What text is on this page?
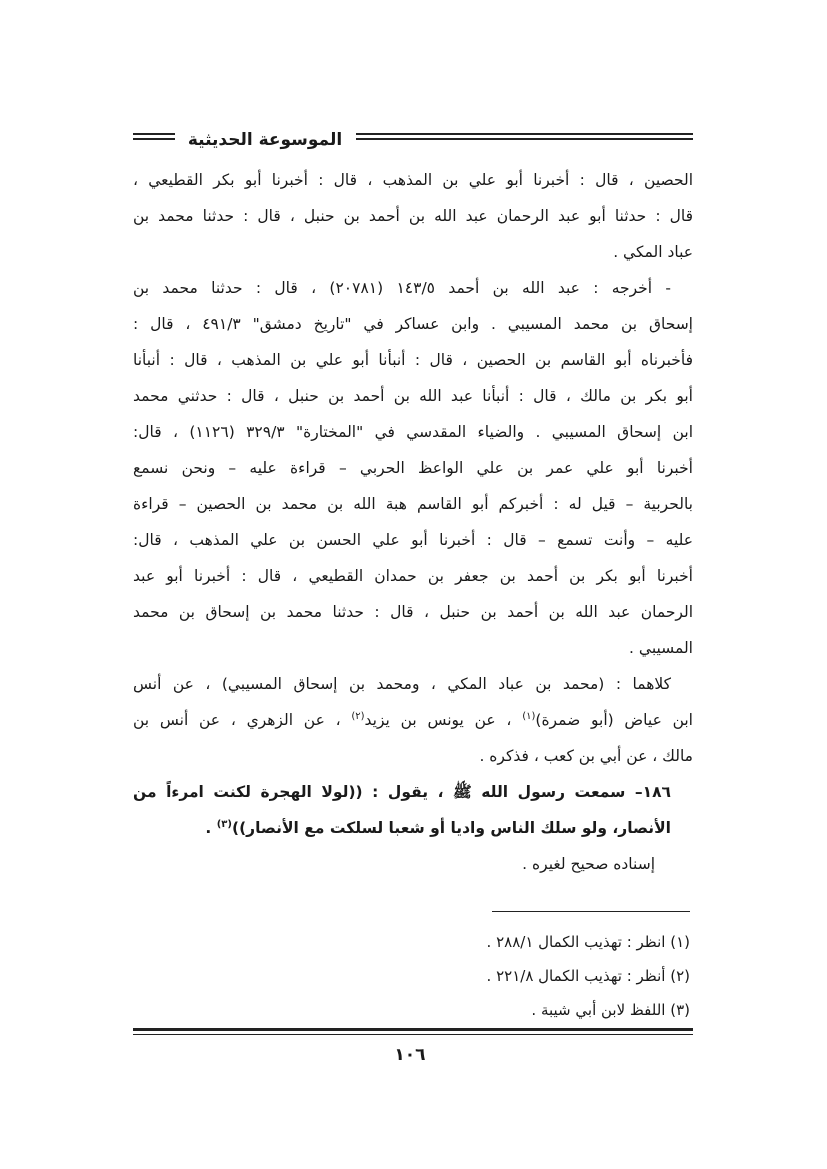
الموسوعة الحديثية
الحصين ، قال : أخبرنا أبو علي بن المذهب ، قال : أخبرنا أبو بكر القطيعي ،
قال : حدثنا أبو عبد الرحمان عبد الله بن أحمد بن حنبل ، قال : حدثنا محمد بن
عباد المكي .
- أخرجه : عبد الله بن أحمد ١٤٣/٥ (٢٠٧٨١) ، قال : حدثنا محمد بن
إسحاق بن محمد المسيبي . وابن عساكر في "تاريخ دمشق" ٤٩١/٣ ، قال :
فأخبرناه أبو القاسم بن الحصين ، قال : أنبأنا أبو علي بن المذهب ، قال : أنبأنا
أبو بكر بن مالك ، قال : أنبأنا عبد الله بن أحمد بن حنبل ، قال : حدثني محمد
ابن إسحاق المسيبي . والضياء المقدسي في "المختارة" ٣٢٩/٣ (١١٢٦) ، قال:
أخبرنا أبو علي عمر بن علي الواعظ الحربي – قراءة عليه – ونحن نسمع
بالحربية – قيل له : أخبركم أبو القاسم هبة الله بن محمد بن الحصين – قراءة
عليه – وأنت تسمع – قال : أخبرنا أبو علي الحسن بن علي المذهب ، قال:
أخبرنا أبو بكر بن أحمد بن جعفر بن حمدان القطيعي ، قال : أخبرنا أبو عبد
الرحمان عبد الله بن أحمد بن حنبل ، قال : حدثنا محمد بن إسحاق بن محمد
المسيبي .
كلاهما : (محمد بن عباد المكي ، ومحمد بن إسحاق المسيبي) ، عن أنس
ابن عياض (أبو ضمرة)$^{(١)}$ ، عن يونس بن يزيد$^{(٢)}$ ، عن الزهري ، عن أنس بن
مالك ، عن أبي بن كعب ، فذكره .
١٨٦– سمعت رسول الله ﷺ ، يقول : ((لولا الهجرة لكنت امرءاً من
الأنصار، ولو سلك الناس واديا أو شعبا لسلكت مع الأنصار))$^{(٣)}$ .
إسناده صحيح لغيره .
(١) انظر : تهذيب الكمال ٢٨٨/١ .
(٢) أنظر : تهذيب الكمال ٢٢١/٨ .
(٣) اللفظ لابن أبي شيبة .
١٠٦
